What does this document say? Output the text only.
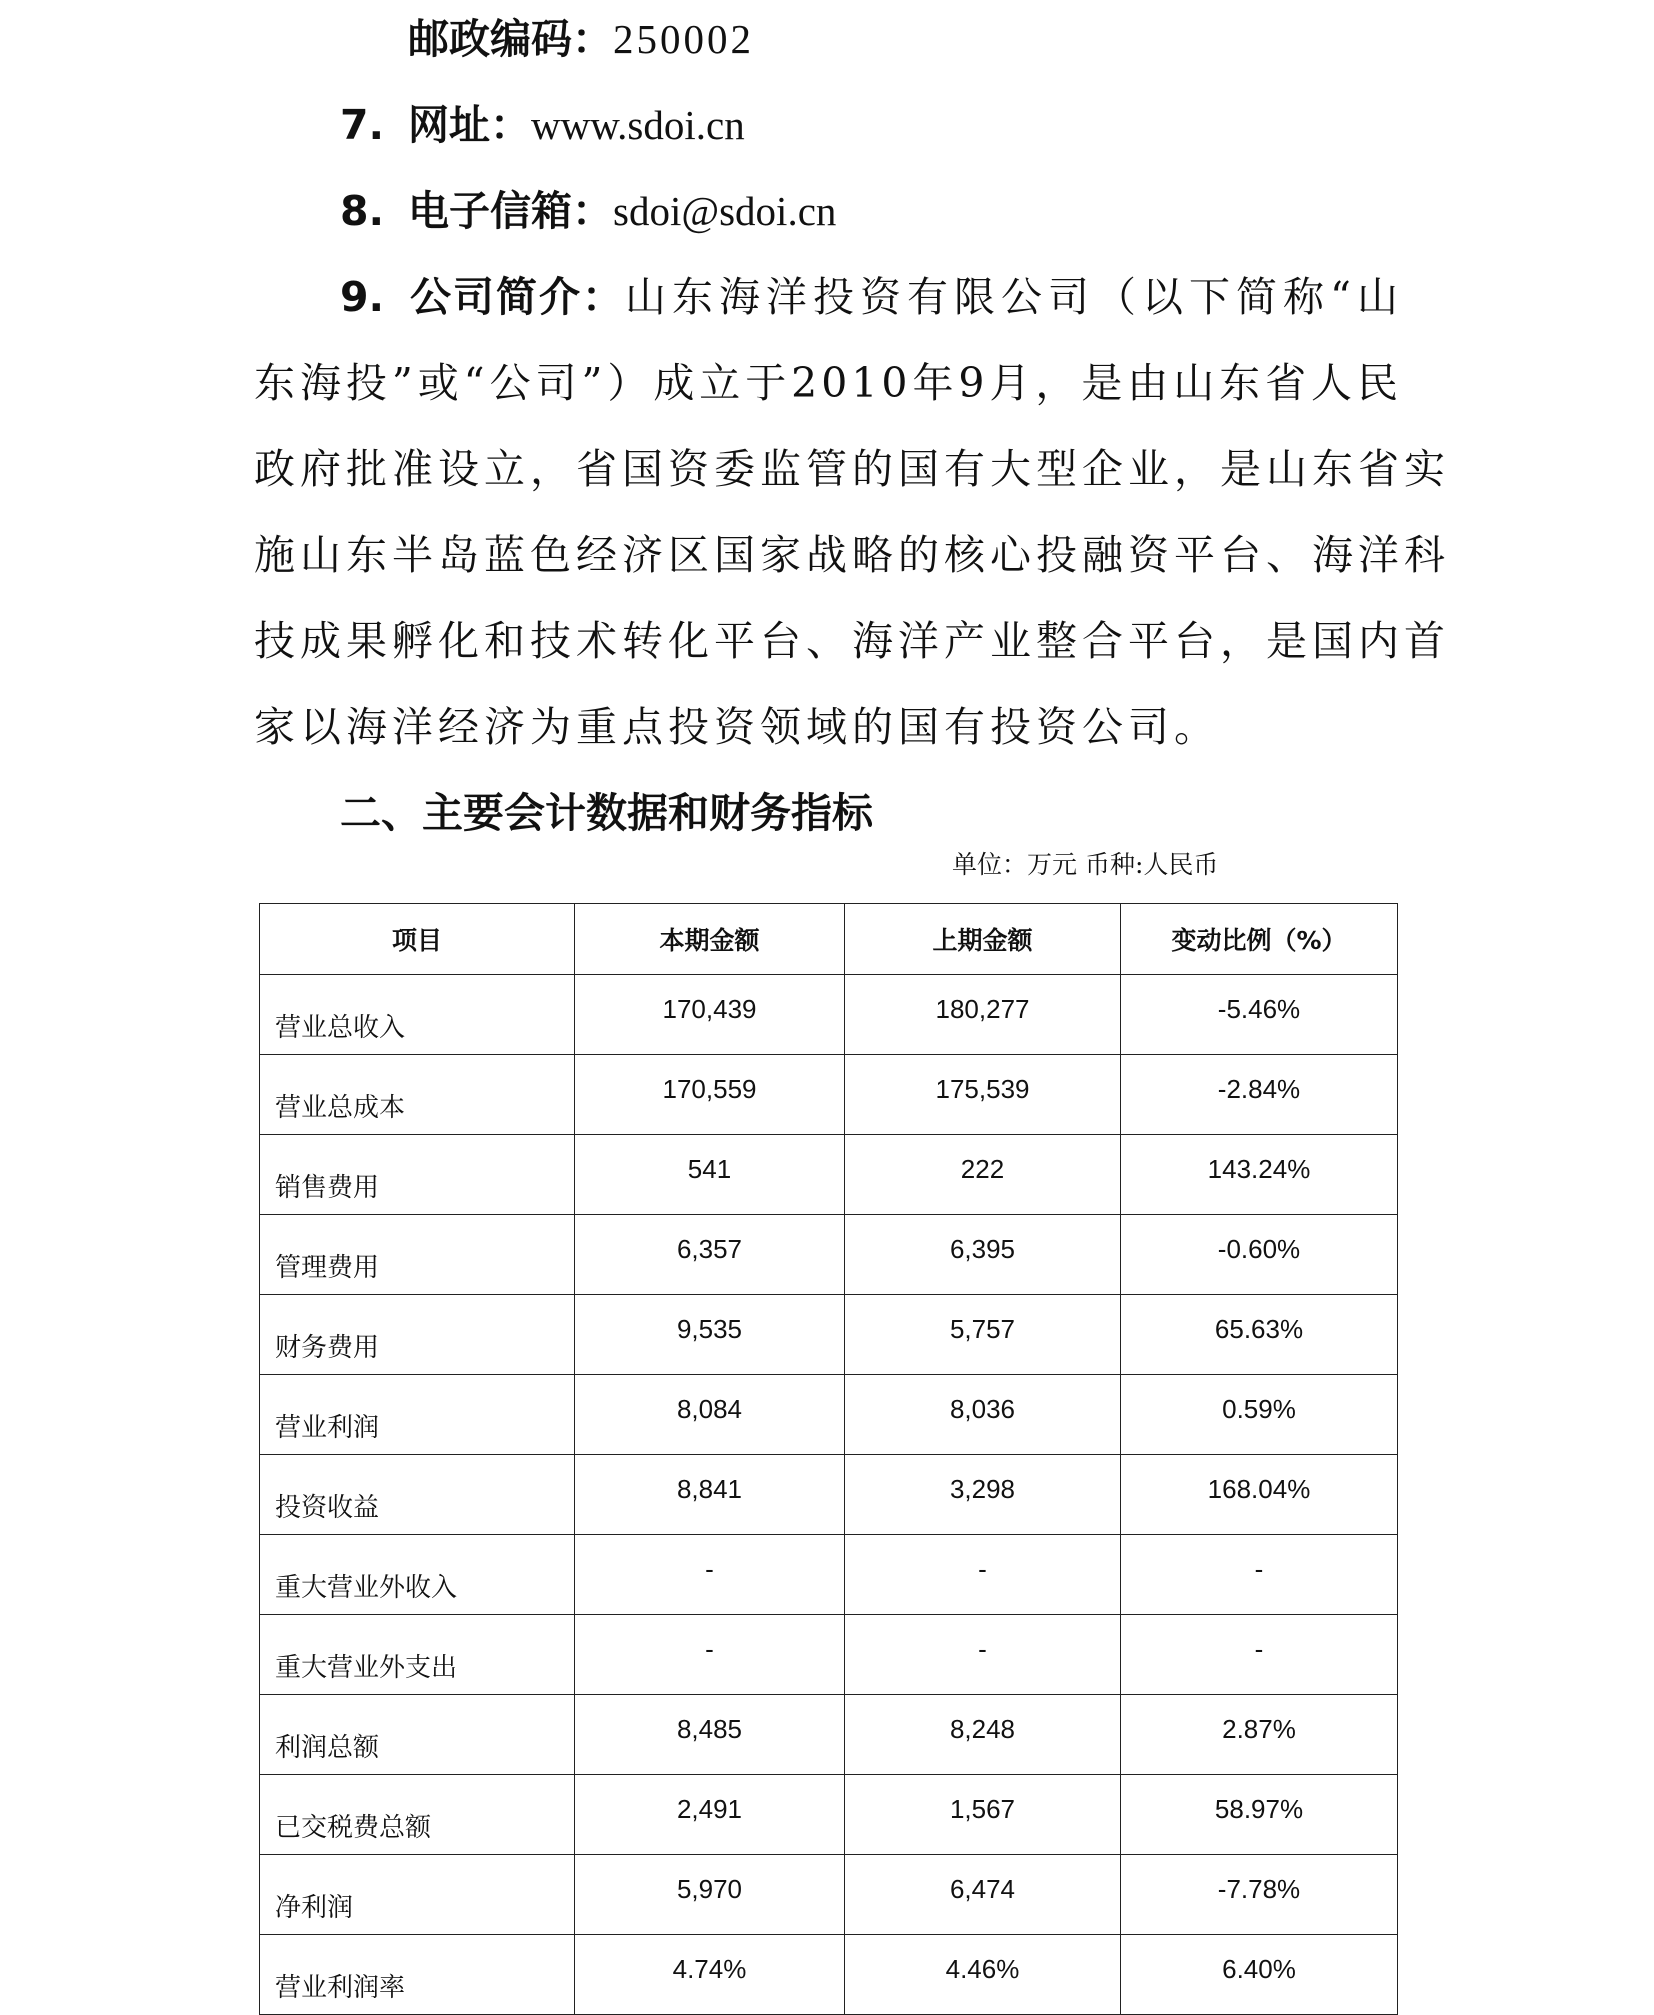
邮政编码：250002
7. 网址：www.sdoi.cn
8. 电子信箱：sdoi@sdoi.cn
9. 公司简介：山东海洋投资有限公司（以下简称“山
东海投”或“公司”）成立于2010年9月，是由山东省人民
政府批准设立，省国资委监管的国有大型企业，是山东省实
施山东半岛蓝色经济区国家战略的核心投融资平台、海洋科
技成果孵化和技术转化平台、海洋产业整合平台，是国内首
家以海洋经济为重点投资领域的国有投资公司。
二、主要会计数据和财务指标
单位：万元 币种:人民币
项目	本期金额	上期金额	变动比例（%）
营业总收入	170,439	180,277	-5.46%
营业总成本	170,559	175,539	-2.84%
销售费用	541	222	143.24%
管理费用	6,357	6,395	-0.60%
财务费用	9,535	5,757	65.63%
营业利润	8,084	8,036	0.59%
投资收益	8,841	3,298	168.04%
重大营业外收入	-	-	-
重大营业外支出	-	-	-
利润总额	8,485	8,248	2.87%
已交税费总额	2,491	1,567	58.97%
净利润	5,970	6,474	-7.78%
营业利润率	4.74%	4.46%	6.40%
